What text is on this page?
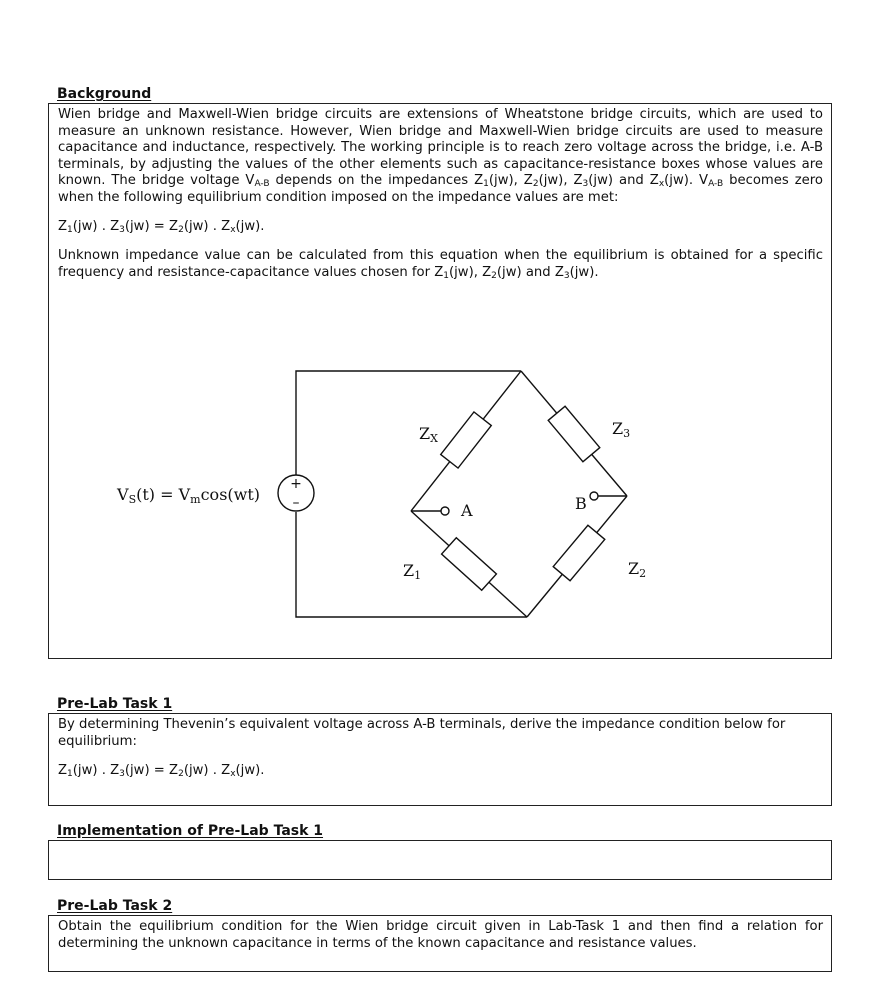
Background

Wien bridge and Maxwell-Wien bridge circuits are extensions of Wheatstone bridge circuits, which are used to measure an unknown resistance. However, Wien bridge and Maxwell-Wien bridge circuits are used to measure capacitance and inductance, respectively. The working principle is to reach zero voltage across the bridge, i.e. A-B terminals, by adjusting the values of the other elements such as capacitance-resistance boxes whose values are known. The bridge voltage $V_{A-B}$ depends on the impedances $Z_1(jw)$, $Z_2(jw)$, $Z_3(jw)$ and $Z_x(jw)$. $V_{A-B}$ becomes zero when the following equilibrium condition imposed on the impedance values are met:

$Z_1(jw)$ . $Z_3(jw) = Z_2(jw)$ . $Z_x(jw)$.

Unknown impedance value can be calculated from this equation when the equilibrium is obtained for a specific frequency and resistance-capacitance values chosen for $Z_1(jw)$, $Z_2(jw)$ and $Z_3(jw)$.

+
–
VS(t) = Vmcos(wt)
ZX
Z3
Z1	Z2
A	B
Pre-Lab Task 1

By determining Thevenin’s equivalent voltage across A-B terminals, derive the impedance condition below for equilibrium:

$Z_1(jw)$ . $Z_3(jw) = Z_2(jw)$ . $Z_x(jw)$.

Implementation of Pre-Lab Task 1
Pre-Lab Task 2

Obtain the equilibrium condition for the Wien bridge circuit given in Lab-Task 1 and then find a relation for determining the unknown capacitance in terms of the known capacitance and resistance values.
